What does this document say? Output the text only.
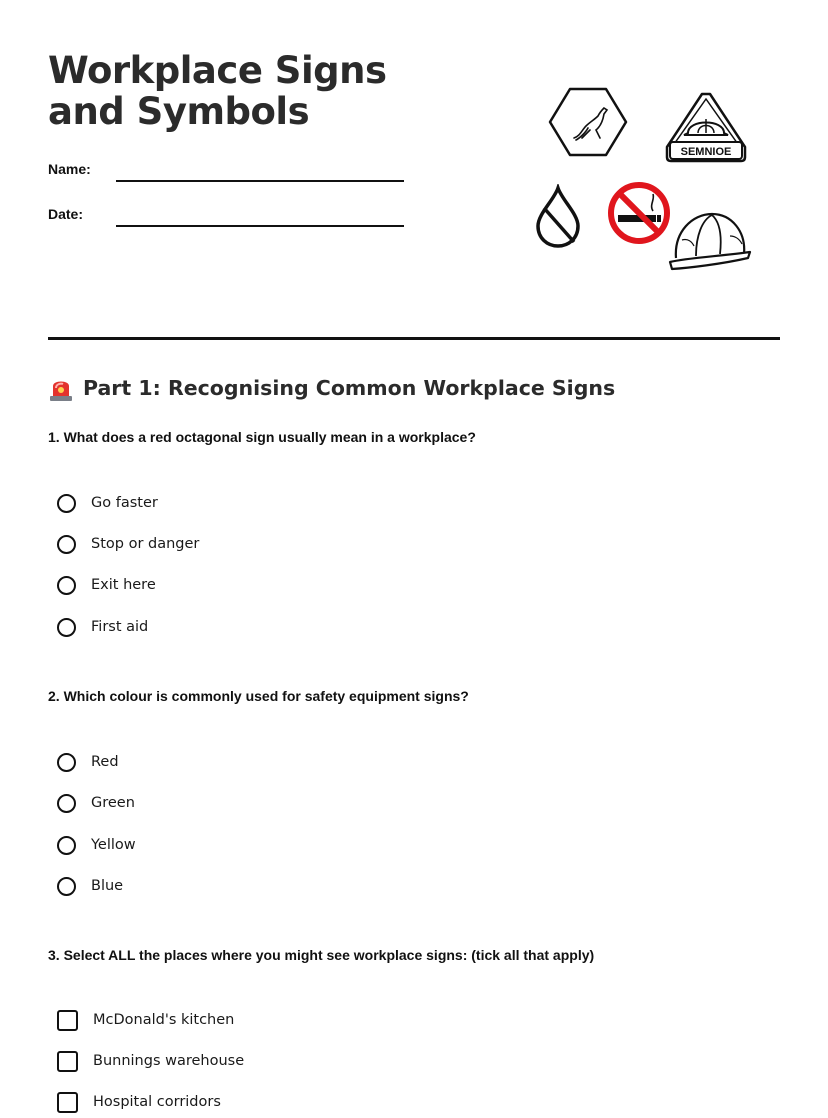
Workplace Signs and Symbols
Name:
Date:
SEMNIOE
Part 1: Recognising Common Workplace Signs

1. What does a red octagonal sign usually mean in a workplace?

Go faster
Stop or danger
Exit here
First aid

2. Which colour is commonly used for safety equipment signs?

Red
Green
Yellow
Blue

3. Select ALL the places where you might see workplace signs: (tick all that apply)

McDonald's kitchen
Bunnings warehouse
Hospital corridors
